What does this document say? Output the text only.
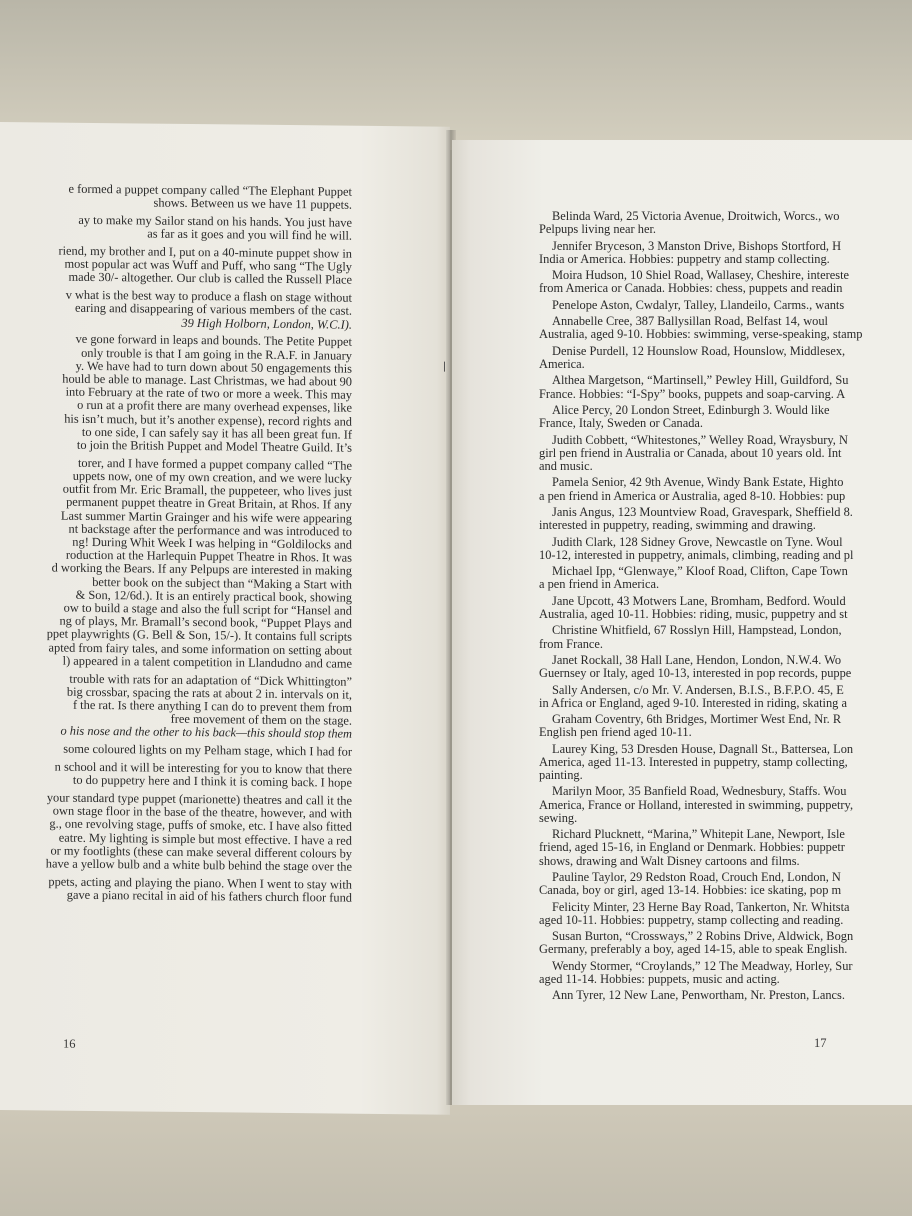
e formed a puppet company called “The Elephant Puppet
shows. Between us we have 11 puppets.
ay to make my Sailor stand on his hands. You just have
as far as it goes and you will find he will.
riend, my brother and I, put on a 40-minute puppet show in
most popular act was Wuff and Puff, who sang “The Ugly
made 30/- altogether. Our club is called the Russell Place
v what is the best way to produce a flash on stage without
earing and disappearing of various members of the cast.
39 High Holborn, London, W.C.I).
ve gone forward in leaps and bounds. The Petite Puppet
only trouble is that I am going in the R.A.F. in January
y. We have had to turn down about 50 engagements this
hould be able to manage. Last Christmas, we had about 90
into February at the rate of two or more a week. This may
o run at a profit there are many overhead expenses, like
his isn’t much, but it’s another expense), record rights and
to one side, I can safely say it has all been great fun. If
to join the British Puppet and Model Theatre Guild. It’s
torer, and I have formed a puppet company called “The
uppets now, one of my own creation, and we were lucky
outfit from Mr. Eric Bramall, the puppeteer, who lives just
permanent puppet theatre in Great Britain, at Rhos. If any
Last summer Martin Grainger and his wife were appearing
nt backstage after the performance and was introduced to
ng! During Whit Week I was helping in “Goldilocks and
roduction at the Harlequin Puppet Theatre in Rhos. It was
d working the Bears. If any Pelpups are interested in making
better book on the subject than “Making a Start with
& Son, 12/6d.). It is an entirely practical book, showing
ow to build a stage and also the full script for “Hansel and
ng of plays, Mr. Bramall’s second book, “Puppet Plays and
ppet playwrights (G. Bell & Son, 15/-). It contains full scripts
apted from fairy tales, and some information on setting about
l) appeared in a talent competition in Llandudno and came
trouble with rats for an adaptation of “Dick Whittington”
big crossbar, spacing the rats at about 2 in. intervals on it,
f the rat. Is there anything I can do to prevent them from
free movement of them on the stage.
o his nose and the other to his back—this should stop them
some coloured lights on my Pelham stage, which I had for
n school and it will be interesting for you to know that there
to do puppetry here and I think it is coming back. I hope
your standard type puppet (marionette) theatres and call it the
own stage floor in the base of the theatre, however, and with
g., one revolving stage, puffs of smoke, etc. I have also fitted
eatre. My lighting is simple but most effective. I have a red
or my footlights (these can make several different colours by
have a yellow bulb and a white bulb behind the stage over the
ppets, acting and playing the piano. When I went to stay with
gave a piano recital in aid of his fathers church floor fund
16
Belinda Ward, 25 Victoria Avenue, Droitwich, Worcs., wo
Pelpups living near her.
Jennifer Bryceson, 3 Manston Drive, Bishops Stortford, H
India or America. Hobbies: puppetry and stamp collecting.
Moira Hudson, 10 Shiel Road, Wallasey, Cheshire, intereste
from America or Canada. Hobbies: chess, puppets and readin
Penelope Aston, Cwdalyr, Talley, Llandeilo, Carms., wants
Annabelle Cree, 387 Ballysillan Road, Belfast 14, woul
Australia, aged 9-10. Hobbies: swimming, verse-speaking, stamp
Denise Purdell, 12 Hounslow Road, Hounslow, Middlesex,
America.
Althea Margetson, “Martinsell,” Pewley Hill, Guildford, Su
France. Hobbies: “I-Spy” books, puppets and soap-carving. A
Alice Percy, 20 London Street, Edinburgh 3. Would like
France, Italy, Sweden or Canada.
Judith Cobbett, “Whitestones,” Welley Road, Wraysbury, N
girl pen friend in Australia or Canada, about 10 years old. Int
and music.
Pamela Senior, 42 9th Avenue, Windy Bank Estate, Highto
a pen friend in America or Australia, aged 8-10. Hobbies: pup
Janis Angus, 123 Mountview Road, Gravespark, Sheffield 8.
interested in puppetry, reading, swimming and drawing.
Judith Clark, 128 Sidney Grove, Newcastle on Tyne. Woul
10-12, interested in puppetry, animals, climbing, reading and pl
Michael Ipp, “Glenwaye,” Kloof Road, Clifton, Cape Town
a pen friend in America.
Jane Upcott, 43 Motwers Lane, Bromham, Bedford. Would
Australia, aged 10-11. Hobbies: riding, music, puppetry and st
Christine Whitfield, 67 Rosslyn Hill, Hampstead, London,
from France.
Janet Rockall, 38 Hall Lane, Hendon, London, N.W.4. Wo
Guernsey or Italy, aged 10-13, interested in pop records, puppe
Sally Andersen, c/o Mr. V. Andersen, B.I.S., B.F.P.O. 45, E
in Africa or England, aged 9-10. Interested in riding, skating a
Graham Coventry, 6th Bridges, Mortimer West End, Nr. R
English pen friend aged 10-11.
Laurey King, 53 Dresden House, Dagnall St., Battersea, Lon
America, aged 11-13. Interested in puppetry, stamp collecting,
painting.
Marilyn Moor, 35 Banfield Road, Wednesbury, Staffs. Wou
America, France or Holland, interested in swimming, puppetry,
sewing.
Richard Plucknett, “Marina,” Whitepit Lane, Newport, Isle
friend, aged 15-16, in England or Denmark. Hobbies: puppetr
shows, drawing and Walt Disney cartoons and films.
Pauline Taylor, 29 Redston Road, Crouch End, London, N
Canada, boy or girl, aged 13-14. Hobbies: ice skating, pop m
Felicity Minter, 23 Herne Bay Road, Tankerton, Nr. Whitsta
aged 10-11. Hobbies: puppetry, stamp collecting and reading.
Susan Burton, “Crossways,” 2 Robins Drive, Aldwick, Bogn
Germany, preferably a boy, aged 14-15, able to speak English.
Wendy Stormer, “Croylands,” 12 The Meadway, Horley, Sur
aged 11-14. Hobbies: puppets, music and acting.
Ann Tyrer, 12 New Lane, Penwortham, Nr. Preston, Lancs.
17
